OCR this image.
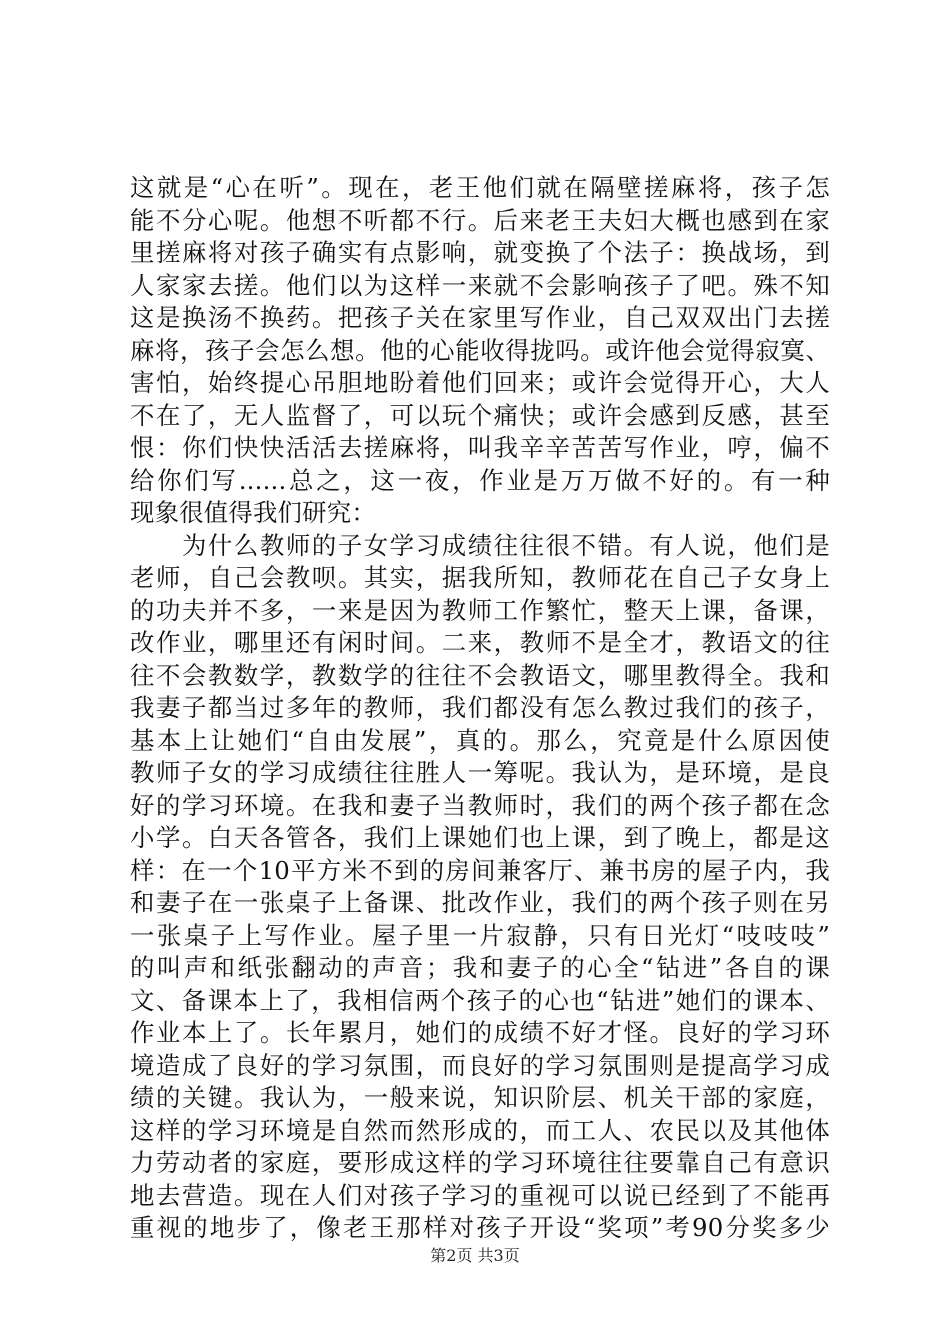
这就是“心在听”。现在，老王他们就在隔壁搓麻将，孩子怎
能不分心呢。他想不听都不行。后来老王夫妇大概也感到在家
里搓麻将对孩子确实有点影响，就变换了个法子：换战场，到
人家家去搓。他们以为这样一来就不会影响孩子了吧。殊不知
这是换汤不换药。把孩子关在家里写作业，自己双双出门去搓
麻将，孩子会怎么想。他的心能收得拢吗。或许他会觉得寂寞、
害怕，始终提心吊胆地盼着他们回来；或许会觉得开心，大人
不在了，无人监督了，可以玩个痛快；或许会感到反感，甚至
恨：你们快快活活去搓麻将，叫我辛辛苦苦写作业，哼，偏不
给你们写......总之，这一夜，作业是万万做不好的。有一种
现象很值得我们研究：
　　为什么教师的子女学习成绩往往很不错。有人说，他们是
老师，自己会教呗。其实，据我所知，教师花在自己子女身上
的功夫并不多，一来是因为教师工作繁忙，整天上课，备课，
改作业，哪里还有闲时间。二来，教师不是全才，教语文的往
往不会教数学，教数学的往往不会教语文，哪里教得全。我和
我妻子都当过多年的教师，我们都没有怎么教过我们的孩子，
基本上让她们“自由发展”，真的。那么，究竟是什么原因使
教师子女的学习成绩往往胜人一筹呢。我认为，是环境，是良
好的学习环境。在我和妻子当教师时，我们的两个孩子都在念
小学。白天各管各，我们上课她们也上课，到了晚上，都是这
样：在一个10平方米不到的房间兼客厅、兼书房的屋子内，我
和妻子在一张桌子上备课、批改作业，我们的两个孩子则在另
一张桌子上写作业。屋子里一片寂静，只有日光灯“吱吱吱”
的叫声和纸张翻动的声音；我和妻子的心全“钻进”各自的课
文、备课本上了，我相信两个孩子的心也“钻进”她们的课本、
作业本上了。长年累月，她们的成绩不好才怪。良好的学习环
境造成了良好的学习氛围，而良好的学习氛围则是提高学习成
绩的关键。我认为，一般来说，知识阶层、机关干部的家庭，
这样的学习环境是自然而然形成的，而工人、农民以及其他体
力劳动者的家庭，要形成这样的学习环境往往要靠自己有意识
地去营造。现在人们对孩子学习的重视可以说已经到了不能再
重视的地步了，像老王那样对孩子开设“奖项”考90分奖多少
第2页 共3页
